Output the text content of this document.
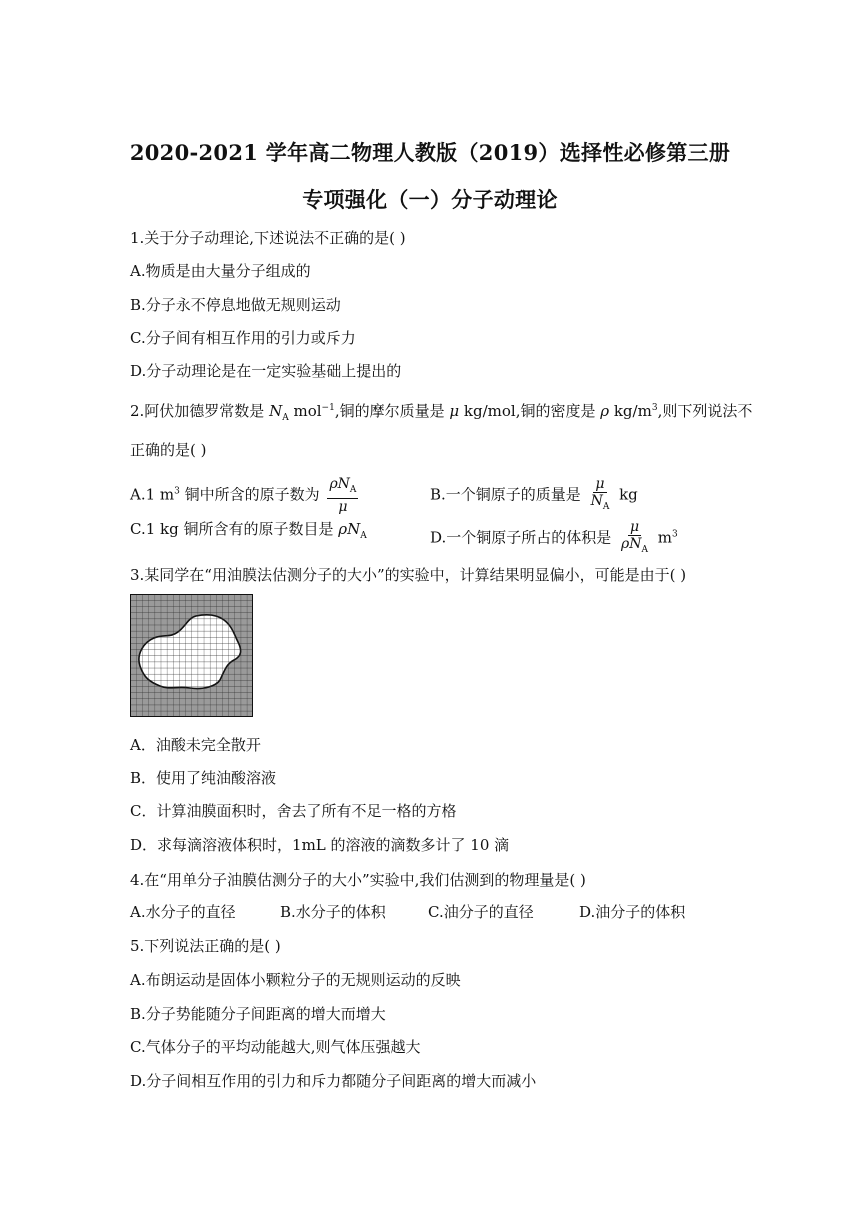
2020-2021 学年高二物理人教版（2019）选择性必修第三册
专项强化（一）分子动理论
1.关于分子动理论,下述说法不正确的是( )
A.物质是由大量分子组成的
B.分子永不停息地做无规则运动
C.分子间有相互作用的引力或斥力
D.分子动理论是在一定实验基础上提出的
2.阿伏加德罗常数是 $N_A$ mol$^{-1}$,铜的摩尔质量是 μ kg/mol,铜的密度是 ρ $kg/m^3$,则下列说法不
正确的是( )
A.1 $m^3$ 铜中所含的原子数为 $\frac{\rho N_A}{\mu}$	B.一个铜原子的质量是 $\frac{\mu}{N_A}$ kg
C.1 kg 铜所含有的原子数目是 $\rho N_A$	D.一个铜原子所占的体积是 $\frac{\mu}{\rho N_A} m^3$
3.某同学在“用油膜法估测分子的大小”的实验中，计算结果明显偏小，可能是由于( )
A．油酸未完全散开
B．使用了纯油酸溶液
C．计算油膜面积时，舍去了所有不足一格的方格
D．求每滴溶液体积时，1mL 的溶液的滴数多计了 10 滴
4.在“用单分子油膜估测分子的大小”实验中,我们估测到的物理量是( )
A.水分子的直径	B.水分子的体积	C.油分子的直径	D.油分子的体积
5.下列说法正确的是( )
A.布朗运动是固体小颗粒分子的无规则运动的反映
B.分子势能随分子间距离的增大而增大
C.气体分子的平均动能越大,则气体压强越大
D.分子间相互作用的引力和斥力都随分子间距离的增大而减小
